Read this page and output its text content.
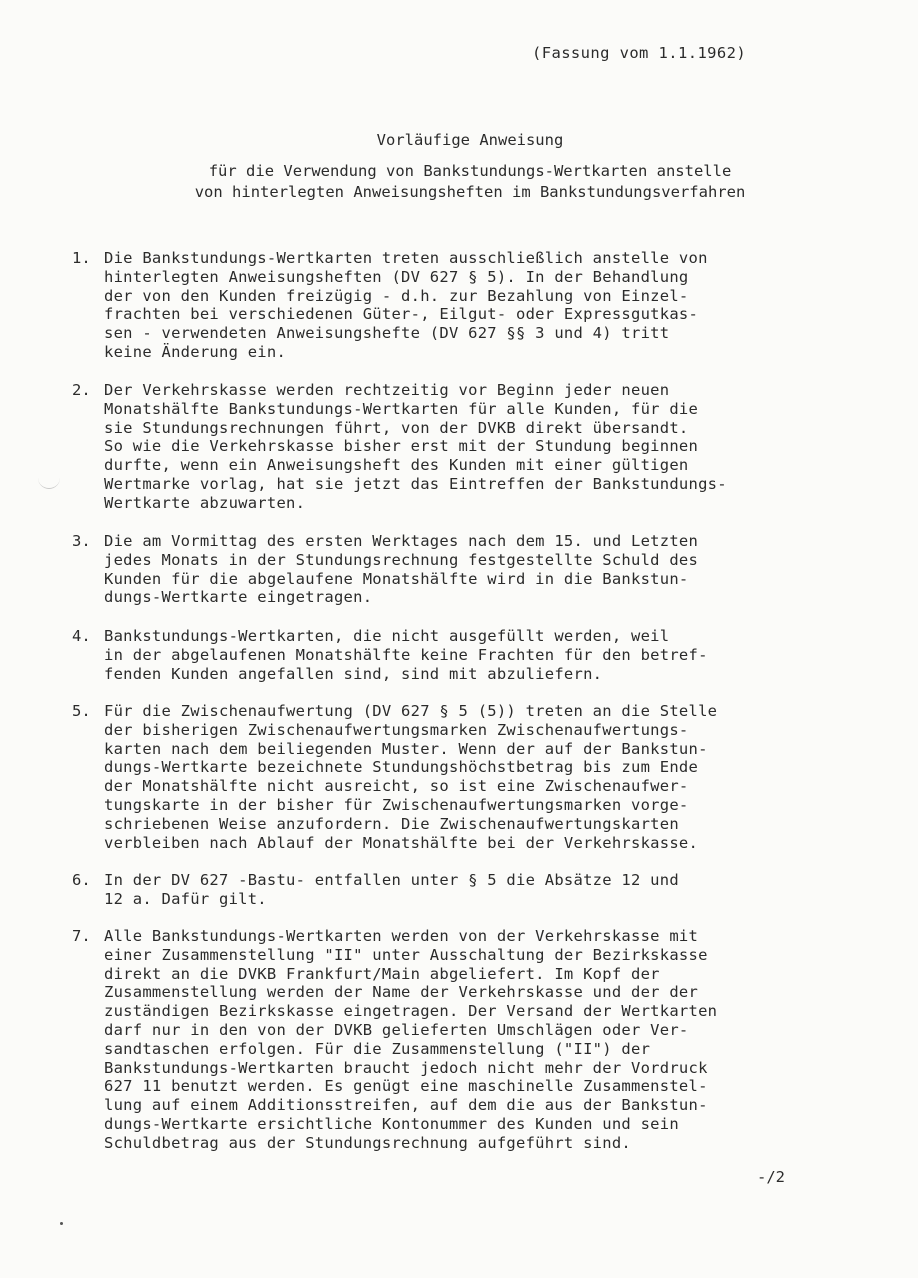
(Fassung vom 1.1.1962)
Vorläufige Anweisung
für die Verwendung von Bankstundungs-Wertkarten anstelle
von hinterlegten Anweisungsheften im Bankstundungsverfahren
1. Die Bankstundungs-Wertkarten treten ausschließlich anstelle von
hinterlegten Anweisungsheften (DV 627 § 5). In der Behandlung
der von den Kunden freizügig - d.h. zur Bezahlung von Einzel-
frachten bei verschiedenen Güter-, Eilgut- oder Expressgutkas-
sen - verwendeten Anweisungshefte (DV 627 §§ 3 und 4) tritt
keine Änderung ein.
2. Der Verkehrskasse werden rechtzeitig vor Beginn jeder neuen
Monatshälfte Bankstundungs-Wertkarten für alle Kunden, für die
sie Stundungsrechnungen führt, von der DVKB direkt übersandt.
So wie die Verkehrskasse bisher erst mit der Stundung beginnen
durfte, wenn ein Anweisungsheft des Kunden mit einer gültigen
Wertmarke vorlag, hat sie jetzt das Eintreffen der Bankstundungs-
Wertkarte abzuwarten.
3. Die am Vormittag des ersten Werktages nach dem 15. und Letzten
jedes Monats in der Stundungsrechnung festgestellte Schuld des
Kunden für die abgelaufene Monatshälfte wird in die Bankstun-
dungs-Wertkarte eingetragen.
4. Bankstundungs-Wertkarten, die nicht ausgefüllt werden, weil
in der abgelaufenen Monatshälfte keine Frachten für den betref-
fenden Kunden angefallen sind, sind mit abzuliefern.
5. Für die Zwischenaufwertung (DV 627 § 5 (5)) treten an die Stelle
der bisherigen Zwischenaufwertungsmarken Zwischenaufwertungs-
karten nach dem beiliegenden Muster. Wenn der auf der Bankstun-
dungs-Wertkarte bezeichnete Stundungshöchstbetrag bis zum Ende
der Monatshälfte nicht ausreicht, so ist eine Zwischenaufwer-
tungskarte in der bisher für Zwischenaufwertungsmarken vorge-
schriebenen Weise anzufordern. Die Zwischenaufwertungskarten
verbleiben nach Ablauf der Monatshälfte bei der Verkehrskasse.
6. In der DV 627 -Bastu- entfallen unter § 5 die Absätze 12 und
12 a. Dafür gilt.
7. Alle Bankstundungs-Wertkarten werden von der Verkehrskasse mit
einer Zusammenstellung "II" unter Ausschaltung der Bezirkskasse
direkt an die DVKB Frankfurt/Main abgeliefert. Im Kopf der
Zusammenstellung werden der Name der Verkehrskasse und der der
zuständigen Bezirkskasse eingetragen. Der Versand der Wertkarten
darf nur in den von der DVKB gelieferten Umschlägen oder Ver-
sandtaschen erfolgen. Für die Zusammenstellung ("II") der
Bankstundungs-Wertkarten braucht jedoch nicht mehr der Vordruck
627 11 benutzt werden. Es genügt eine maschinelle Zusammenstel-
lung auf einem Additionsstreifen, auf dem die aus der Bankstun-
dungs-Wertkarte ersichtliche Kontonummer des Kunden und sein
Schuldbetrag aus der Stundungsrechnung aufgeführt sind.
-/2
